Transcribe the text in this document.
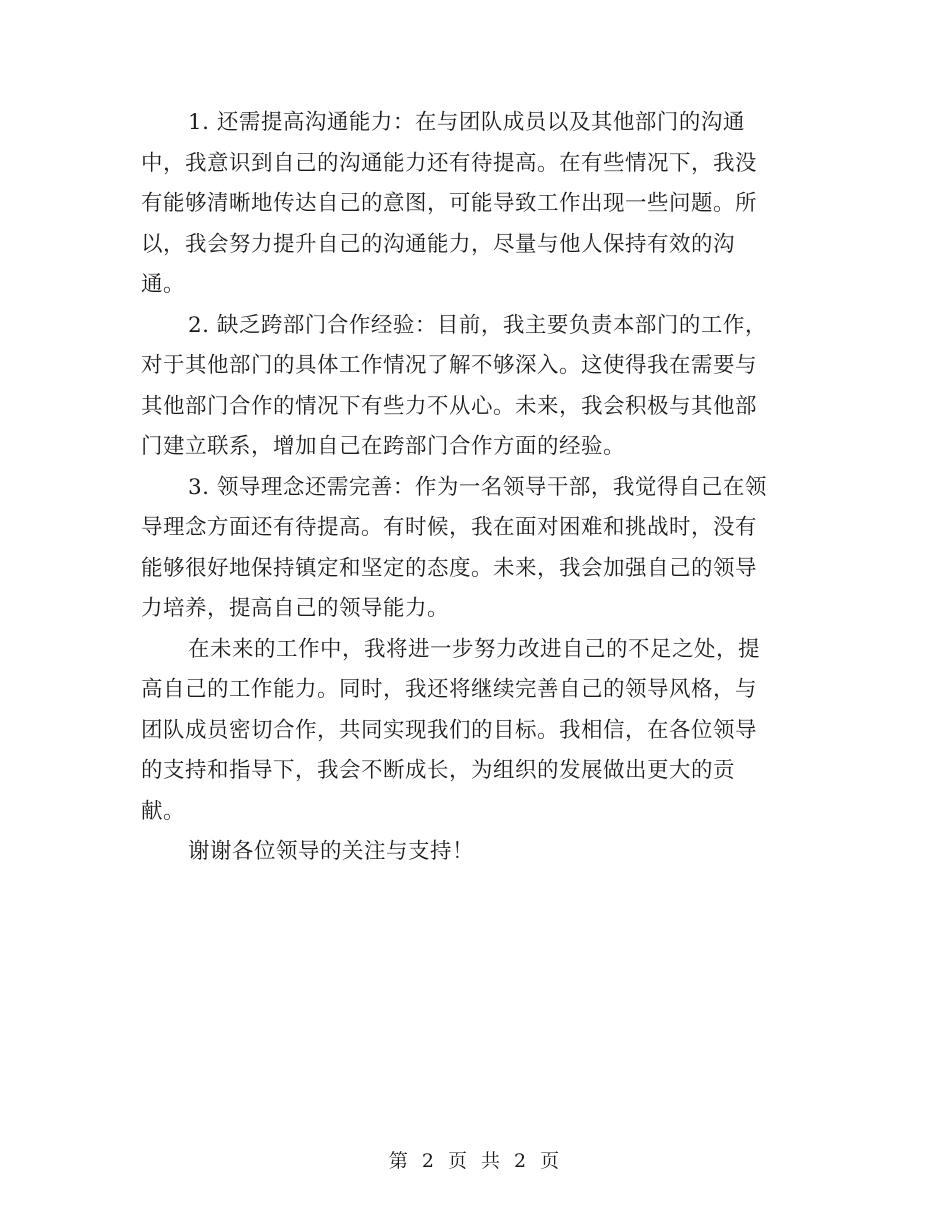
1. 还需提高沟通能力：在与团队成员以及其他部门的沟通
中，我意识到自己的沟通能力还有待提高。在有些情况下，我没
有能够清晰地传达自己的意图，可能导致工作出现一些问题。所
以，我会努力提升自己的沟通能力，尽量与他人保持有效的沟
通。

2. 缺乏跨部门合作经验：目前，我主要负责本部门的工作，
对于其他部门的具体工作情况了解不够深入。这使得我在需要与
其他部门合作的情况下有些力不从心。未来，我会积极与其他部
门建立联系，增加自己在跨部门合作方面的经验。

3. 领导理念还需完善：作为一名领导干部，我觉得自己在领
导理念方面还有待提高。有时候，我在面对困难和挑战时，没有
能够很好地保持镇定和坚定的态度。未来，我会加强自己的领导
力培养，提高自己的领导能力。

在未来的工作中，我将进一步努力改进自己的不足之处，提
高自己的工作能力。同时，我还将继续完善自己的领导风格，与
团队成员密切合作，共同实现我们的目标。我相信，在各位领导
的支持和指导下，我会不断成长，为组织的发展做出更大的贡
献。

谢谢各位领导的关注与支持！

第 2 页 共 2 页
